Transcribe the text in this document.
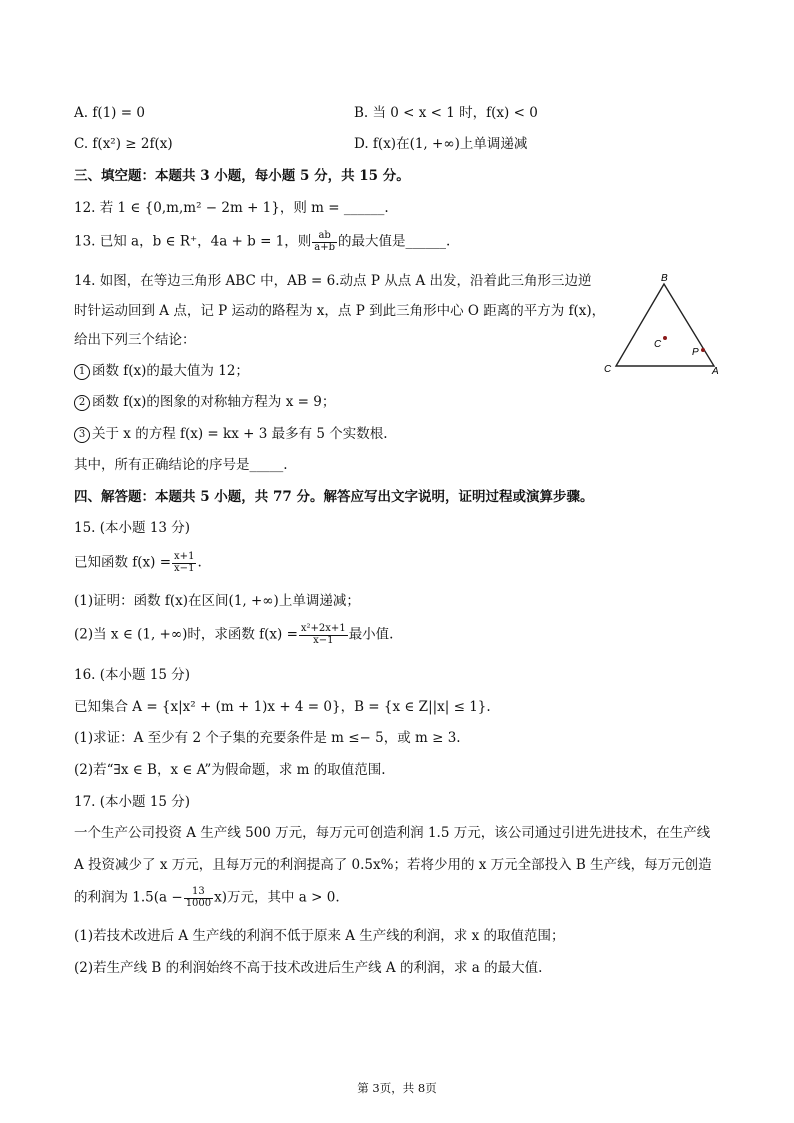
A. f(1) = 0	B. 当 0 < x < 1 时，f(x) < 0
C. f(x²) ≥ 2f(x)	D. f(x)在(1, +∞)上单调递减
三、填空题：本题共 3 小题，每小题 5 分，共 15 分。
12. 若 1 ∈ {0,m,m² − 2m + 1}，则 m = ______.
13. 已知 a，b ∈ R⁺，4a + b = 1，则 $\frac{ab}{a+b}$ 的最大值是______.
14. 如图，在等边三角形 ABC 中，AB = 6.动点 P 从点 A 出发，沿着此三角形三边逆
时针运动回到 A 点，记 P 运动的路程为 x，点 P 到此三角形中心 O 距离的平方为 f(x)，
给出下列三个结论：
1 函数 f(x)的最大值为 12；
2 函数 f(x)的图象的对称轴方程为 x = 9；
3 关于 x 的方程 f(x) = kx + 3 最多有 5 个实数根.
其中，所有正确结论的序号是_____.
B
C	A
C
P
四、解答题：本题共 5 小题，共 77 分。解答应写出文字说明，证明过程或演算步骤。
15. (本小题 13 分)
已知函数 $f(x) = \frac{x+1}{x-1}$ .
(1)证明：函数 f(x)在区间(1, +∞)上单调递减；
(2)当 x ∈ (1, +∞)时，求函数 $f(x) = \frac{\text{x²+2x+1}}{x-1}$ 最小值.
16. (本小题 15 分)
已知集合 A = {x|x² + (m + 1)x + 4 = 0}，B = {x ∈ Z||x| ≤ 1}.
(1)求证：A 至少有 2 个子集的充要条件是 m ≤− 5，或 m ≥ 3.
(2)若“∃x ∈ B，x ∈ A”为假命题，求 m 的取值范围.
17. (本小题 15 分)
一个生产公司投资 A 生产线 500 万元，每万元可创造利润 1.5 万元，该公司通过引进先进技术，在生产线
A 投资减少了 x 万元，且每万元的利润提高了 0.5x%；若将少用的 x 万元全部投入 B 生产线，每万元创造
的利润为 $1.5(a - \frac{13}{1000} x)$万元，其中 a > 0.
(1)若技术改进后 A 生产线的利润不低于原来 A 生产线的利润，求 x 的取值范围；
(2)若生产线 B 的利润始终不高于技术改进后生产线 A 的利润，求 a 的最大值.
第 3页，共 8页
